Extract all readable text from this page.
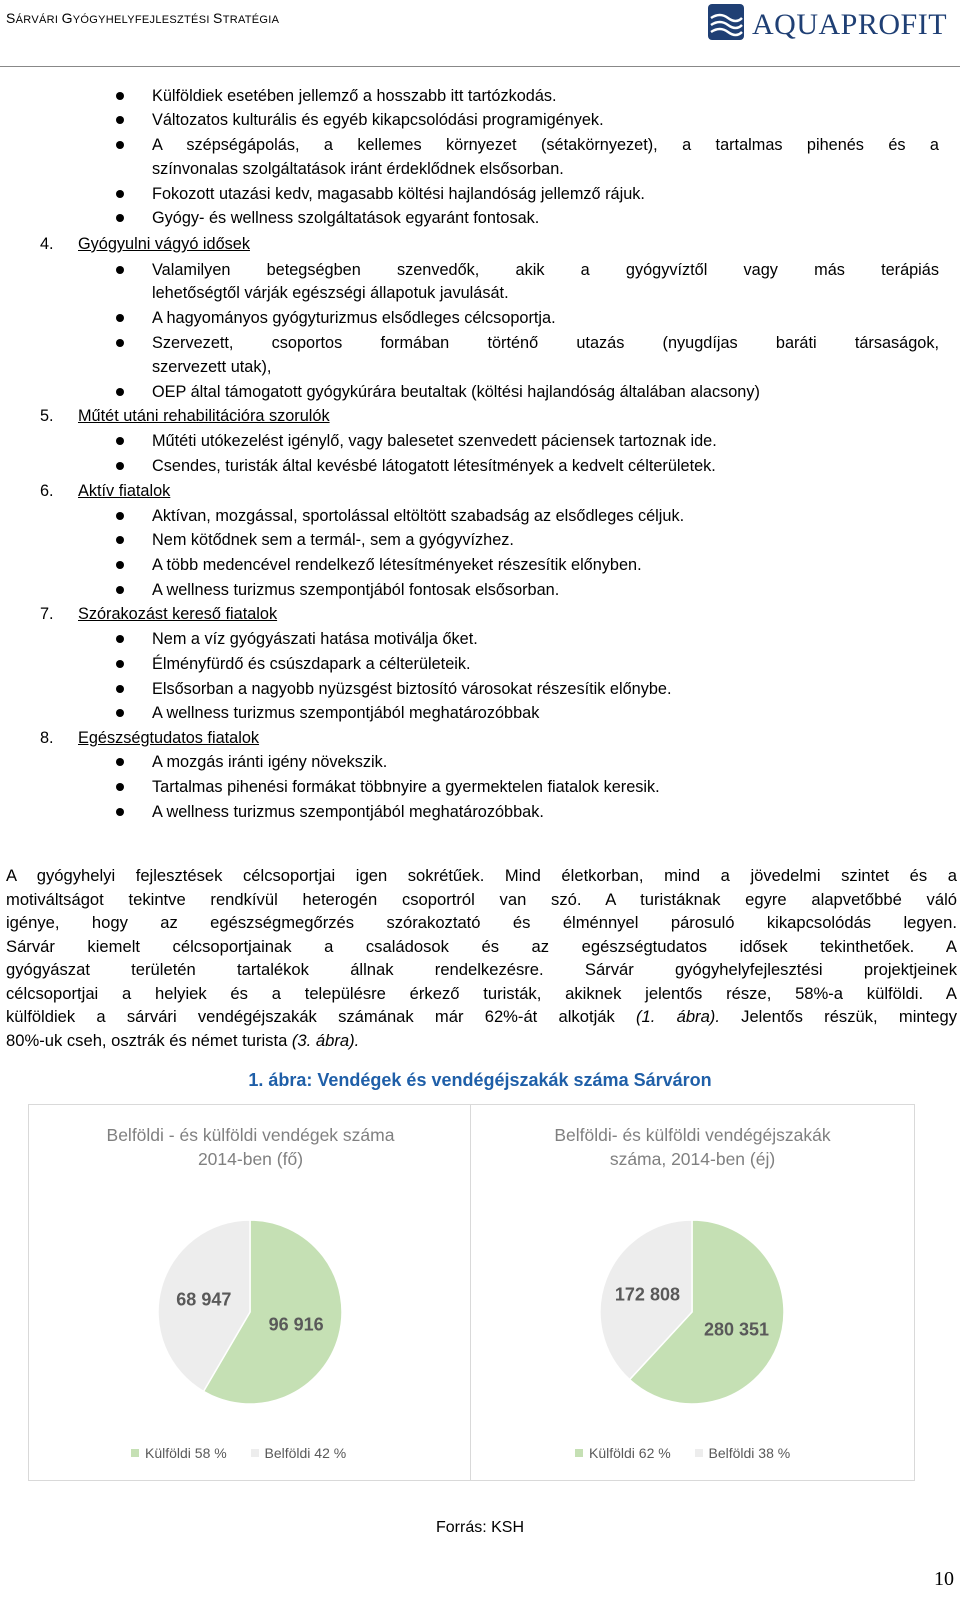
SÁRVÁRI GYÓGYHELYFEJLESZTÉSI STRATÉGIA	AQUAPROFIT
Külföldiek esetében jellemző a hosszabb itt tartózkodás.
Változatos kulturális és egyéb kikapcsolódási programigények.
A szépségápolás, a kellemes környezet (sétakörnyezet), a tartalmas pihenés és a
színvonalas szolgáltatások iránt érdeklődnek elsősorban.
Fokozott utazási kedv, magasabb költési hajlandóság jellemző rájuk.
Gyógy- és wellness szolgáltatások egyaránt fontosak.
4. Gyógyulni vágyó idősek
Valamilyen betegségben szenvedők, akik a gyógyvíztől vagy más terápiás
lehetőségtől várják egészségi állapotuk javulását.
A hagyományos gyógyturizmus elsődleges célcsoportja.
Szervezett, csoportos formában történő utazás (nyugdíjas baráti társaságok,
szervezett utak),
OEP által támogatott gyógykúrára beutaltak (költési hajlandóság általában alacsony)
5. Műtét utáni rehabilitációra szorulók
Műtéti utókezelést igénylő, vagy balesetet szenvedett páciensek tartoznak ide.
Csendes, turisták által kevésbé látogatott létesítmények a kedvelt célterületek.
6. Aktív fiatalok
Aktívan, mozgással, sportolással eltöltött szabadság az elsődleges céljuk.
Nem kötődnek sem a termál-, sem a gyógyvízhez.
A több medencével rendelkező létesítményeket részesítik előnyben.
A wellness turizmus szempontjából fontosak elsősorban.
7. Szórakozást kereső fiatalok
Nem a víz gyógyászati hatása motiválja őket.
Élményfürdő és csúszdapark a célterületeik.
Elsősorban a nagyobb nyüzsgést biztosító városokat részesítik előnybe.
A wellness turizmus szempontjából meghatározóbbak
8. Egészségtudatos fiatalok
A mozgás iránti igény növekszik.
Tartalmas pihenési formákat többnyire a gyermektelen fiatalok keresik.
A wellness turizmus szempontjából meghatározóbbak.
A gyógyhelyi fejlesztések célcsoportjai igen sokrétűek. Mind életkorban, mind a jövedelmi szintet és a
motiváltságot tekintve rendkívül heterogén csoportról van szó. A turistáknak egyre alapvetőbbé váló
igénye, hogy az egészségmegőrzés szórakoztató és élménnyel párosuló kikapcsolódás legyen.
Sárvár kiemelt célcsoportjainak a családosok és az egészségtudatos idősek tekinthetőek. A
gyógyászat területén tartalékok állnak rendelkezésre. Sárvár gyógyhelyfejlesztési projektjeinek
célcsoportjai a helyiek és a településre érkező turisták, akiknek jelentős része, 58%-a külföldi. A
külföldiek a sárvári vendégéjszakák számának már 62%-át alkotják (1. ábra). Jelentős részük, mintegy
80%-uk cseh, osztrák és német turista (3. ábra).
1. ábra: Vendégek és vendégéjszakák száma Sárváron
Belföldi - és külföldi vendégek száma
2014-ben (fő)
96 916
68 947
Külföldi 58 %	Belföldi 42 %
Belföldi- és külföldi vendégéjszakák
száma, 2014-ben (éj)
280 351
172 808
Külföldi 62 %	Belföldi 38 %
Forrás: KSH
10
